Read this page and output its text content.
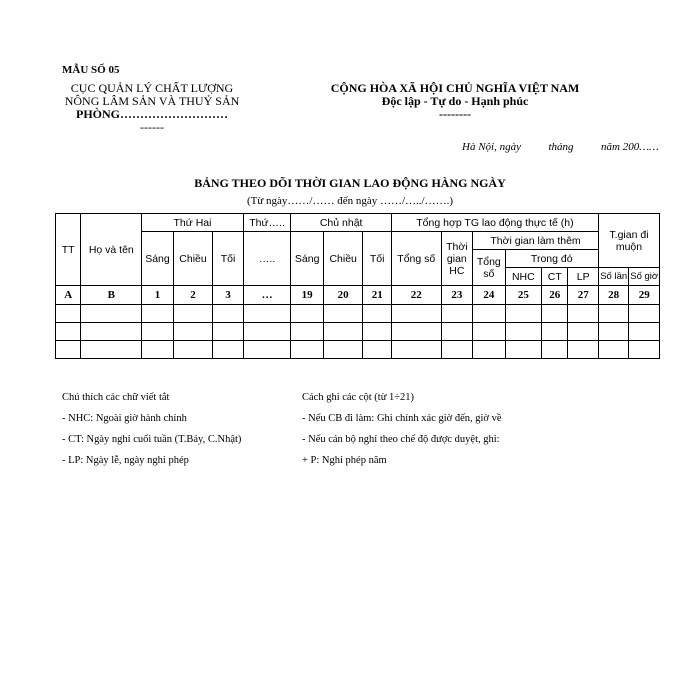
MẪU SỐ 05
CỤC QUẢN LÝ CHẤT LƯỢNG
NÔNG LÂM SẢN VÀ THUỶ SẢN
PHÒNG………………………
------
CỘNG HÒA XÃ HỘI CHỦ NGHĨA VIỆT NAM
Độc lập - Tự do - Hạnh phúc
--------
Hà Nội, ngày	tháng	năm 200……
BẢNG THEO DÕI THỜI GIAN LAO ĐỘNG HÀNG NGÀY
(Từ ngày……/…… đến ngày ……/…../…….)
TT	Họ và tên	Thứ Hai			Thứ…..	Chủ nhật			Tổng hợp TG lao động thực tế (h)						T.gian đi muộn	
		Sáng	Chiều	Tối	…..	Sáng	Chiều	Tối	Tổng số	Thời gian HC	Thời gian làm thêm					
											Tổng số	Trong đó				
												NHC	CT	LP	Số lần	Số giờ
A	B	1	2	3	…	19	20	21	22	23	24	25	26	27	28	29

Chú thích các chữ viết tắt
- NHC: Ngoài giờ hành chính
- CT: Ngày nghỉ cuối tuần (T.Bảy, C.Nhật)
- LP: Ngày lễ, ngày nghỉ phép
Cách ghi các cột (từ 1÷21)
- Nếu CB đi làm: Ghi chính xác giờ đến, giờ về
- Nếu cán bộ nghỉ theo chế độ được duyệt, ghi:
+ P: Nghỉ phép năm
